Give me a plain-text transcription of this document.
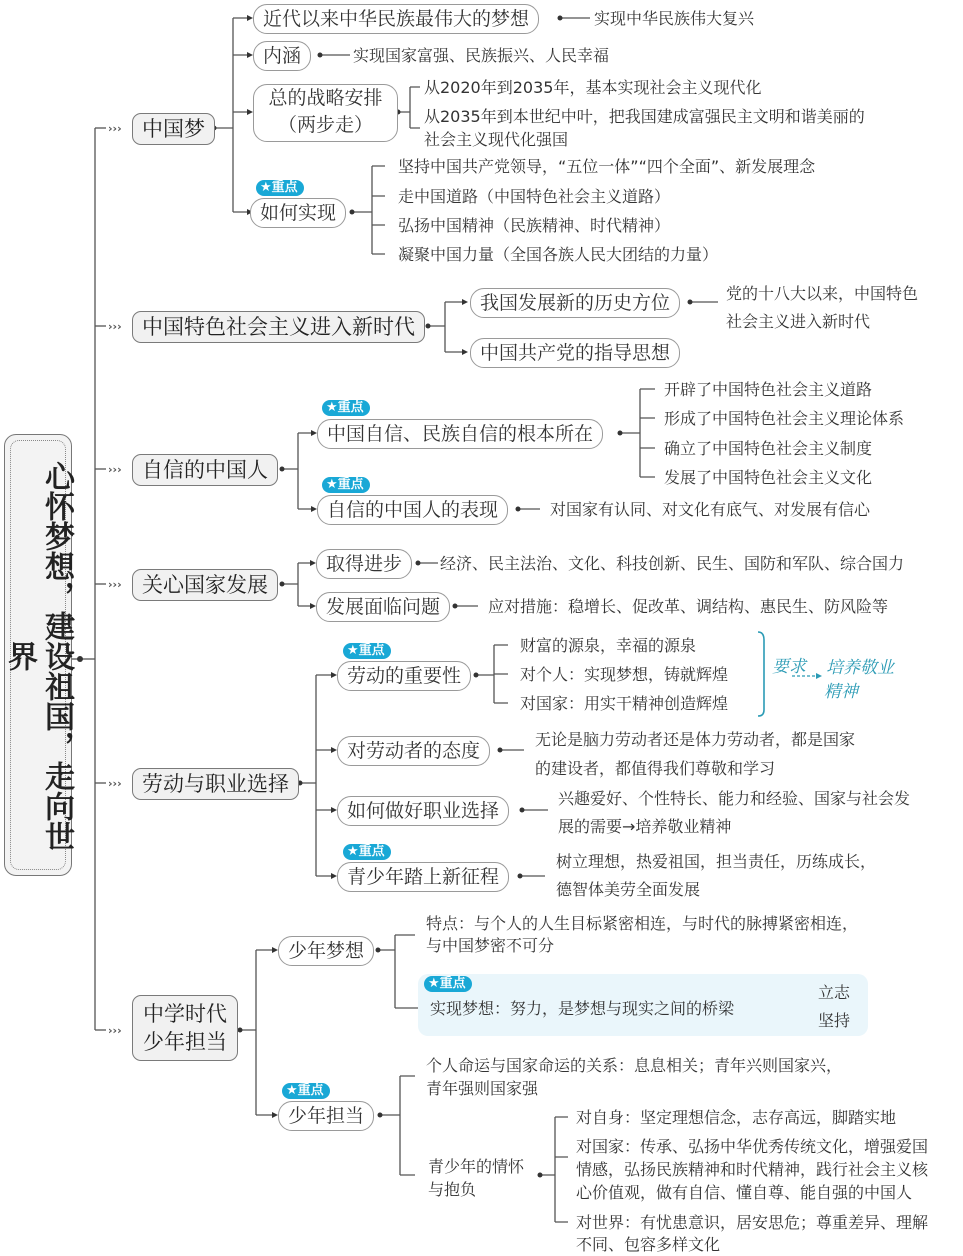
›››
›››
›››
›››
›››
›››
心怀梦想，建设祖国，走向世界
中国梦
近代以来中华民族最伟大的梦想	实现中华民族伟大复兴
内涵	实现国家富强、民族振兴、人民幸福
总的战略安排
（两步走）
从2020年到2035年，基本实现社会主义现代化
从2035年到本世纪中叶，把我国建成富强民主文明和谐美丽的
社会主义现代化强国
★重点
如何实现
坚持中国共产党领导，“五位一体”“四个全面”、新发展理念
走中国道路（中国特色社会主义道路）
弘扬中国精神（民族精神、时代精神）
凝聚中国力量（全国各族人民大团结的力量）
中国特色社会主义进入新时代
我国发展新的历史方位	党的十八大以来，中国特色
社会主义进入新时代
中国共产党的指导思想
自信的中国人
★重点
中国自信、民族自信的根本所在
开辟了中国特色社会主义道路
形成了中国特色社会主义理论体系
确立了中国特色社会主义制度
发展了中国特色社会主义文化
★重点
自信的中国人的表现	对国家有认同、对文化有底气、对发展有信心
关心国家发展
取得进步	经济、民主法治、文化、科技创新、民生、国防和军队、综合国力
发展面临问题	应对措施：稳增长、促改革、调结构、惠民生、防风险等
劳动与职业选择
★重点
劳动的重要性
财富的源泉，幸福的源泉
对个人：实现梦想，铸就辉煌
对国家：用实干精神创造辉煌
要求 培养敬业
精神
对劳动者的态度
无论是脑力劳动者还是体力劳动者，都是国家
的建设者，都值得我们尊敬和学习
如何做好职业选择
兴趣爱好、个性特长、能力和经验、国家与社会发
展的需要→培养敬业精神
★重点
青少年踏上新征程
树立理想，热爱祖国，担当责任，历练成长，
德智体美劳全面发展
中学时代
少年担当
少年梦想
特点：与个人的人生目标紧密相连，与时代的脉搏紧密相连，
与中国梦密不可分
★重点
实现梦想：努力，是梦想与现实之间的桥梁
立志
坚持
★重点
少年担当
个人命运与国家命运的关系：息息相关；青年兴则国家兴，
青年强则国家强
青少年的情怀
与抱负
对自身：坚定理想信念，志存高远，脚踏实地
对国家：传承、弘扬中华优秀传统文化，增强爱国
情感，弘扬民族精神和时代精神，践行社会主义核
心价值观，做有自信、懂自尊、能自强的中国人
对世界：有忧患意识，居安思危；尊重差异、理解
不同、包容多样文化
